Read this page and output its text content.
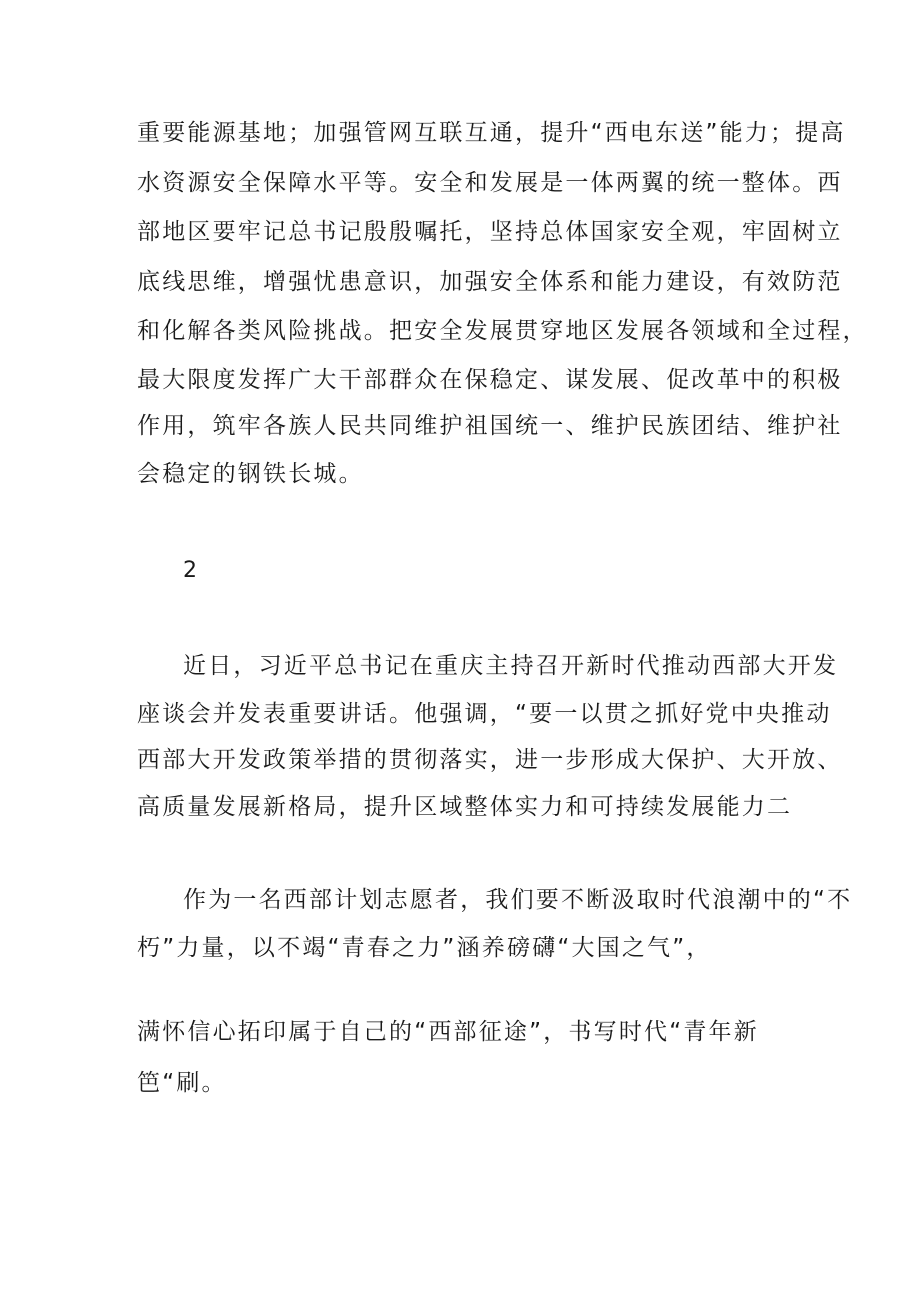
重要能源基地；加强管网互联互通，提升“西电东送”能力；提高
水资源安全保障水平等。安全和发展是一体两翼的统一整体。西
部地区要牢记总书记殷殷嘱托，坚持总体国家安全观，牢固树立
底线思维，增强忧患意识，加强安全体系和能力建设，有效防范
和化解各类风险挑战。把安全发展贯穿地区发展各领域和全过程，
最大限度发挥广大干部群众在保稳定、谋发展、促改革中的积极
作用，筑牢各族人民共同维护祖国统一、维护民族团结、维护社
会稳定的钢铁长城。
2
近日，习近平总书记在重庆主持召开新时代推动西部大开发
座谈会并发表重要讲话。他强调，“要一以贯之抓好党中央推动
西部大开发政策举措的贯彻落实，进一步形成大保护、大开放、
高质量发展新格局，提升区域整体实力和可持续发展能力二
作为一名西部计划志愿者，我们要不断汲取时代浪潮中的“不
朽”力量，以不竭“青春之力”涵养磅礴“大国之气”，
满怀信心拓印属于自己的“西部征途”，书写时代“青年新
笆“刷。
